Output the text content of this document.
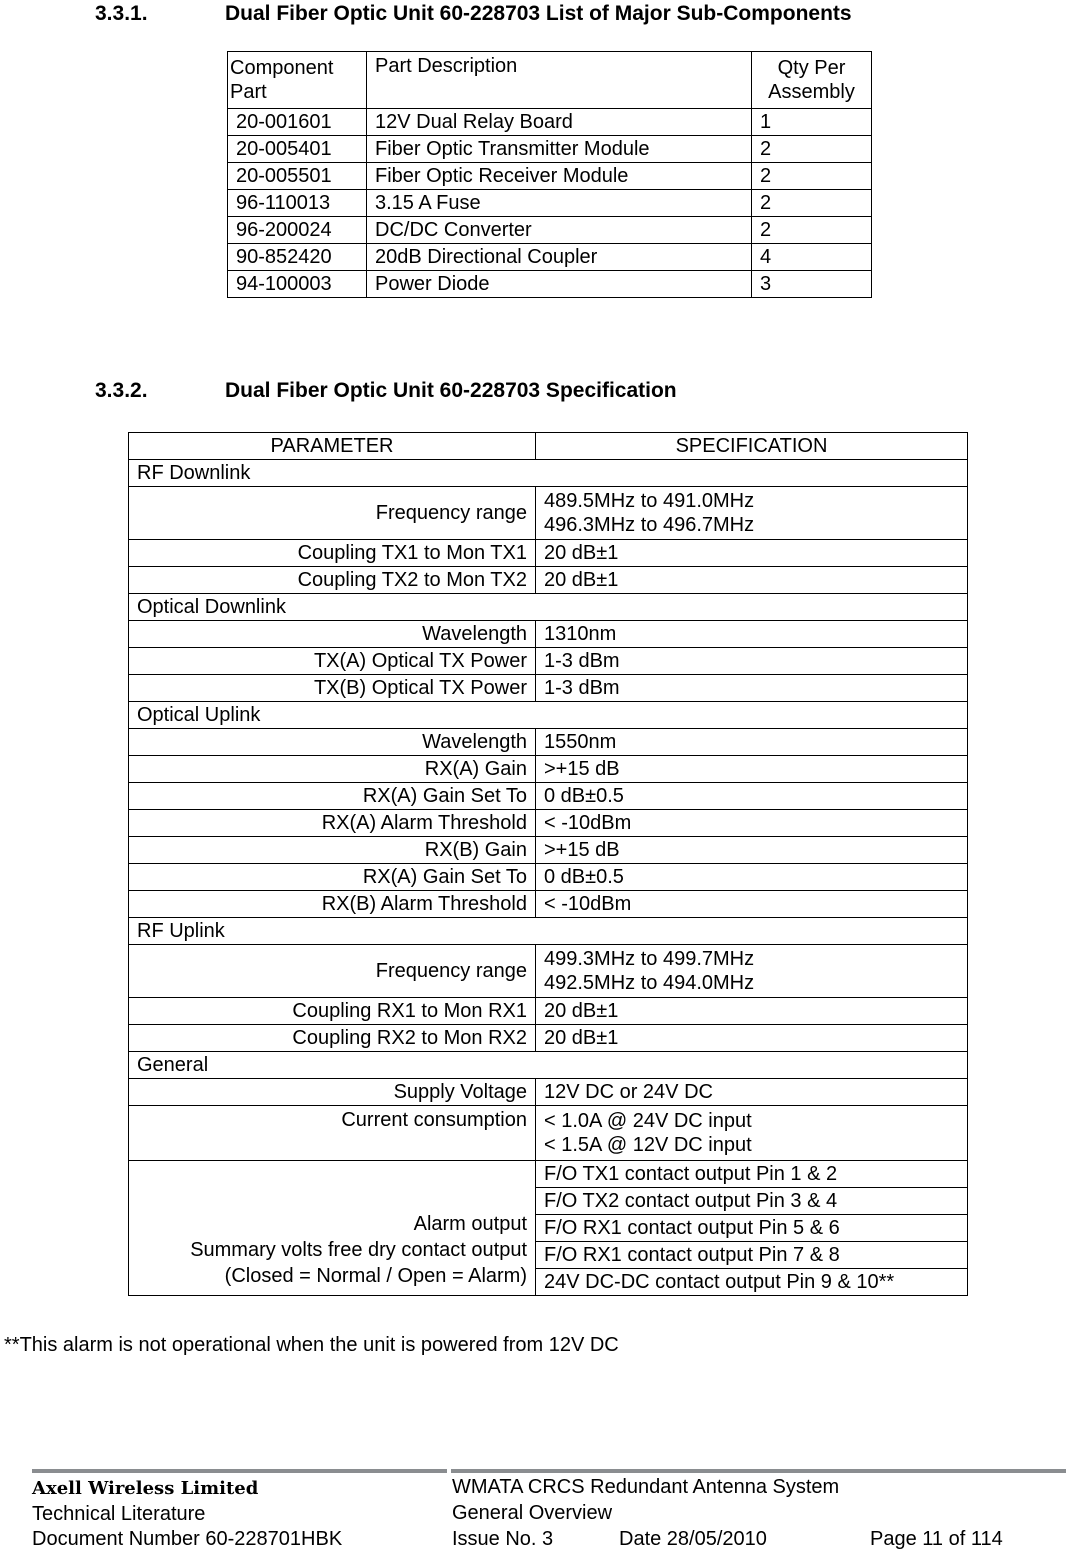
3.3.1.	Dual Fiber Optic Unit 60-228703 List of Major Sub-Components
Component Part	Part Description	Qty Per Assembly
20-001601	12V Dual Relay Board	1
20-005401	Fiber Optic Transmitter Module	2
20-005501	Fiber Optic Receiver Module	2
96-110013	3.15 A Fuse	2
96-200024	DC/DC Converter	2
90-852420	20dB Directional Coupler	4
94-100003	Power Diode	3
3.3.2.	Dual Fiber Optic Unit 60-228703 Specification
PARAMETER	SPECIFICATION
RF Downlink	
Frequency range	489.5MHz to 491.0MHz
496.3MHz to 496.7MHz

Coupling TX1 to Mon TX1	20 dB±1
Coupling TX2 to Mon TX2	20 dB±1
Optical Downlink	
Wavelength	1310nm
TX(A) Optical TX Power	1-3 dBm
TX(B) Optical TX Power	1-3 dBm
Optical Uplink	
Wavelength	1550nm
RX(A) Gain	>+15 dB
RX(A) Gain Set To	0 dB±0.5
RX(A) Alarm Threshold	< -10dBm
RX(B) Gain	>+15 dB
RX(A) Gain Set To	0 dB±0.5
RX(B) Alarm Threshold	< -10dBm
RF Uplink	
Frequency range	499.3MHz to 499.7MHz
492.5MHz to 494.0MHz

Coupling RX1 to Mon RX1	20 dB±1
Coupling RX2 to Mon RX2	20 dB±1
General	
Supply Voltage	12V DC or 24V DC
Current consumption	< 1.0A @ 24V DC input
< 1.5A @ 12V DC input

Alarm output
Summary volts free dry contact output
(Closed = Normal / Open = Alarm)	F/O TX1 contact output Pin 1 & 2
	F/O TX2 contact output Pin 3 & 4
	F/O RX1 contact output Pin 5 & 6
	F/O RX1 contact output Pin 7 & 8
	24V DC-DC contact output Pin 9 & 10**
**This alarm is not operational when the unit is powered from 12V DC
Axell Wireless Limited
Technical Literature
Document Number 60-228701HBK
WMATA CRCS Redundant Antenna System
General Overview
Issue No. 3	Date 28/05/2010	Page 11 of 114
